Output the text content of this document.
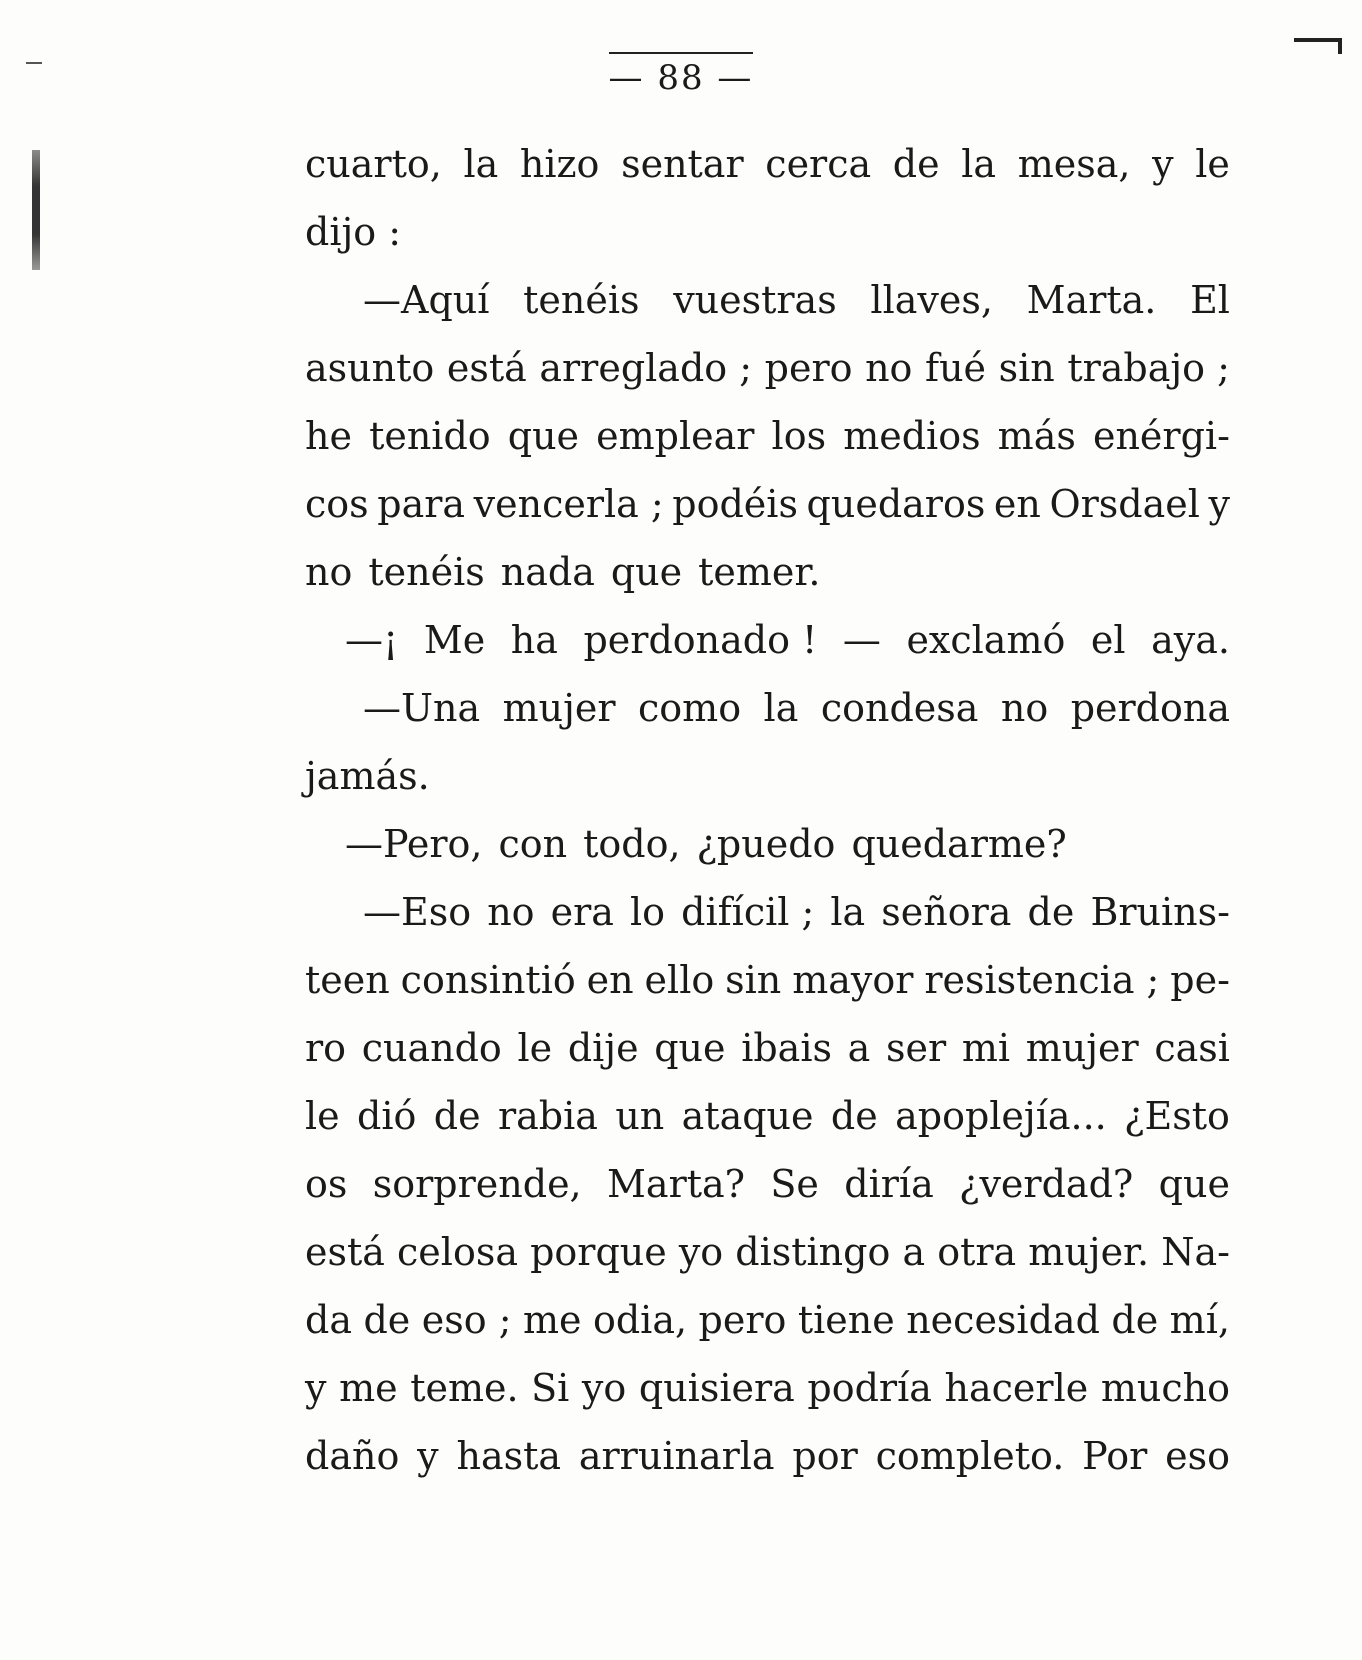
— 88 —
cuarto, la hizo sentar cerca de la mesa, y le
dijo :
—Aquí tenéis vuestras llaves, Marta. El
asunto está arreglado ; pero no fué sin trabajo ;
he tenido que emplear los medios más enérgi-
cos para vencerla ; podéis quedaros en Orsdael y
no tenéis nada que temer.
—¡ Me ha perdonado ! — exclamó el aya.
—Una mujer como la condesa no perdona
jamás.
—Pero, con todo, ¿puedo quedarme?
—Eso no era lo difícil ; la señora de Bruins-
teen consintió en ello sin mayor resistencia ; pe-
ro cuando le dije que ibais a ser mi mujer casi
le dió de rabia un ataque de apoplejía... ¿Esto
os sorprende, Marta? Se diría ¿verdad? que
está celosa porque yo distingo a otra mujer. Na-
da de eso ; me odia, pero tiene necesidad de mí,
y me teme. Si yo quisiera podría hacerle mucho
daño y hasta arruinarla por completo. Por eso
